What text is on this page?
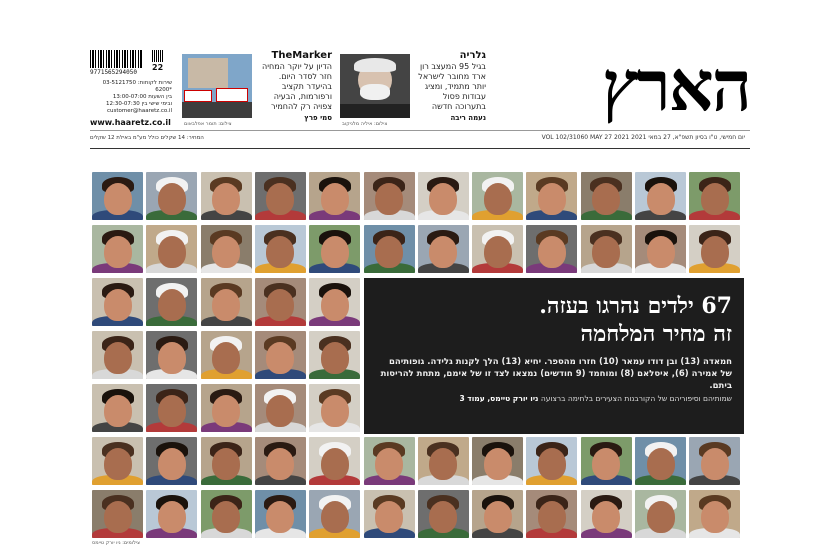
הארץ
גלריה
בגיל 95 המעצב רון ארד מחובר לישראל יותר מתמיד, ומציג עבודות פסול בתערוכה חדשה
נעמה ריבה
צילום: איליה מלניקוב
TheMarker
הדיון על יוקר המחיה חזר לסדר היום. בהיעדר תקציב ורפורמות, הבעיה צפויה רק להחמיר
סמי פרץ
צילום: תומר אפלבאום
9771565294050
22
שירות לקוחות: 03-5121750 *6200
בין השעות 13:00-07:00
ובימי שישי בין 12:30-07:30
customer@haaretz.co.il
www.haaretz.co.il
המחיר: 14 שקלים כולל מע"מ באילת 12 שקלים	יום חמישי, ט"ו בסיון תשפ"א, 27 במאי 2021 VOL 102/31060 MAY 27 2021
67 ילדים נהרגו בעזה.
זה מחיר המלחמה
חמאדה (13) ובן דודו עמאר (10) חזרו מהספר. יחיא (13) הלך לקנות גלידה. גופותיהם של אמירה (6), איסלאם (8) ומוחמד (9 חודשים) נמצאו לצד זו של אימם, מתחת להריסות ביתם.
שמותיהם וסיפוריהם של הקורבנות הצעירים בלחימה ברצועה ניו יורק טיימס, עמוד 3
צילומים: ניו יורק טיימס
